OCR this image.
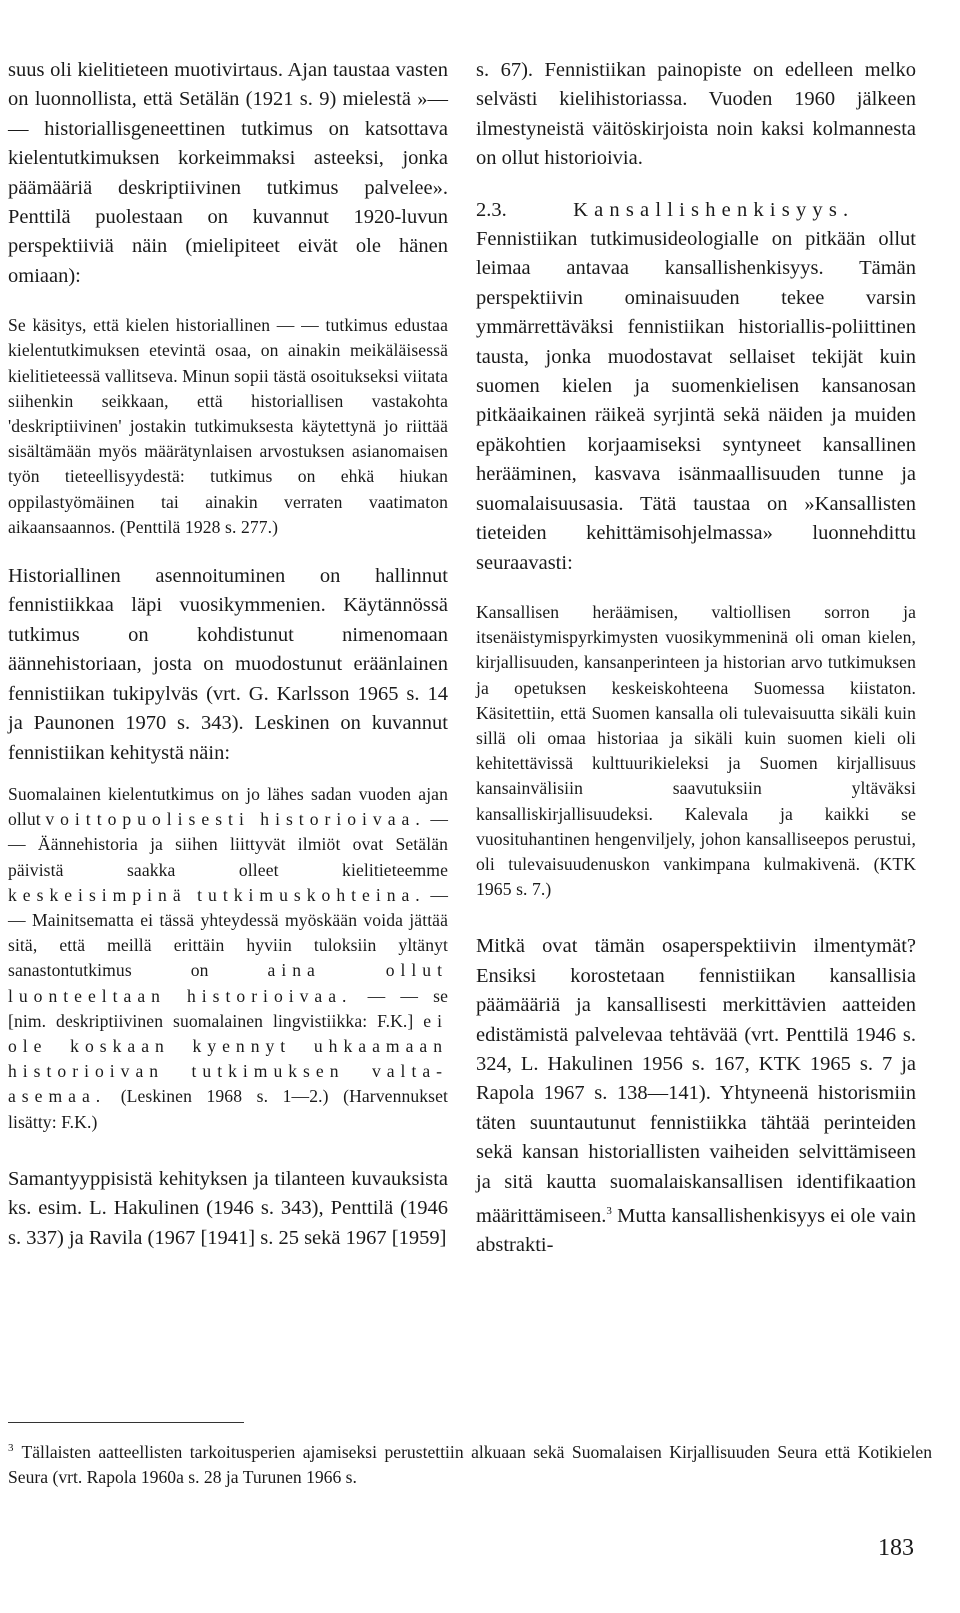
suus oli kielitieteen muotivirtaus. Ajan taustaa vasten on luonnollista, että Setälän (1921 s. 9) mielestä »— — historiallisgeneettinen tutkimus on katsottava kielentutkimuksen korkeimmaksi asteeksi, jonka päämääriä deskriptiivinen tutkimus palvelee». Penttilä puolestaan on kuvannut 1920-luvun perspektiiviä näin (mielipiteet eivät ole hänen omiaan):

Se käsitys, että kielen historiallinen — — tutkimus edustaa kielentutkimuksen etevintä osaa, on ainakin meikäläisessä kielitieteessä vallitseva. Minun sopii tästä osoitukseksi viitata siihenkin seikkaan, että historiallisen vastakohta 'deskriptiivinen' jostakin tutkimuksesta käytettynä jo riittää sisältämään myös määrätynlaisen arvostuksen asianomaisen työn tieteellisyydestä: tutkimus on ehkä hiukan oppilastyömäinen tai ainakin verraten vaatimaton aikaansaannos. (Penttilä 1928 s. 277.)

Historiallinen asennoituminen on hallinnut fennistiikkaa läpi vuosikymmenien. Käytännössä tutkimus on kohdistunut nimenomaan äännehistoriaan, josta on muodostunut eräänlainen fennistiikan tukipylväs (vrt. G. Karlsson 1965 s. 14 ja Paunonen 1970 s. 343). Leskinen on kuvannut fennistiikan kehitystä näin:

Suomalainen kielentutkimus on jo lähes sadan vuoden ajan ollut voittopuolisesti historioivaa. — — Äännehistoria ja siihen liittyvät ilmiöt ovat Setälän päivistä saakka olleet kielitieteemme keskeisimpinä tutkimuskohteina. — — Mainitsematta ei tässä yhteydessä myöskään voida jättää sitä, että meillä erittäin hyviin tuloksiin yltänyt sanastontutkimus on	aina ollut luonteeltaan historioivaa. — — se [nim. deskriptiivinen suomalainen lingvistiikka: F.K.] ei ole koskaan kyennyt uhkaamaan historioivan tutkimuksen valta-asemaa. (Leskinen 1968 s. 1—2.) (Harvennukset lisätty: F.K.)

Samantyyppisistä kehityksen ja tilanteen kuvauksista ks. esim. L. Hakulinen (1946 s. 343), Penttilä (1946 s. 337) ja Ravila (1967 [1941] s. 25 sekä 1967 [1959]

s. 67). Fennistiikan painopiste on edelleen melko selvästi kielihistoriassa. Vuoden 1960 jälkeen ilmestyneistä väitöskirjoista noin kaksi kolmannesta on ollut historioivia.

2.3.	Kansallishenkisyys.

Fennistiikan tutkimusideologialle on pitkään ollut leimaa antavaa kansallishenkisyys. Tämän perspektiivin ominaisuuden tekee varsin ymmärrettäväksi fennistiikan historiallis-poliittinen tausta, jonka muodostavat sellaiset tekijät kuin suomen kielen ja suomenkielisen kansanosan pitkäaikainen räikeä syrjintä sekä näiden ja muiden epäkohtien korjaamiseksi syntyneet kansallinen herääminen, kasvava isänmaallisuuden tunne ja suomalaisuusasia. Tätä taustaa on »Kansallisten tieteiden kehittämisohjelmassa» luonnehdittu seuraavasti:

Kansallisen heräämisen, valtiollisen sorron ja itsenäistymispyrkimysten vuosikymmeninä oli oman kielen, kirjallisuuden, kansanperinteen ja historian arvo tutkimuksen ja opetuksen keskeiskohteena Suomessa kiistaton. Käsitettiin, että Suomen kansalla oli tulevaisuutta sikäli kuin sillä oli omaa historiaa ja sikäli kuin suomen kieli oli kehitettävissä kulttuurikieleksi ja Suomen kirjallisuus kansainvälisiin saavutuksiin yltäväksi kansalliskirjallisuudeksi. Kalevala ja kaikki se vuosituhantinen hengenviljely, johon kansalliseepos perustui, oli tulevaisuudenuskon vankimpana kulmakivenä. (KTK 1965 s. 7.)

Mitkä ovat tämän osaperspektiivin ilmentymät? Ensiksi korostetaan fennistiikan kansallisia päämääriä ja kansallisesti merkittävien aatteiden edistämistä palvelevaa tehtävää (vrt. Penttilä 1946 s. 324, L. Hakulinen 1956 s. 167, KTK 1965 s. 7 ja Rapola 1967 s. 138—141). Yhtyneenä historismiin täten suuntautunut fennistiikka tähtää perinteiden sekä kansan historiallisten vaiheiden selvittämiseen ja sitä kautta suomalaiskansallisen identifikaation määrittämiseen.$^3$ Mutta kansallishenkisyys ei ole vain abstrakti-

$^3$ Tällaisten aatteellisten tarkoitusperien ajamiseksi perustettiin alkuaan sekä Suomalaisen Kirjallisuuden Seura että Kotikielen Seura (vrt. Rapola 1960a s. 28 ja Turunen 1966 s.

183
